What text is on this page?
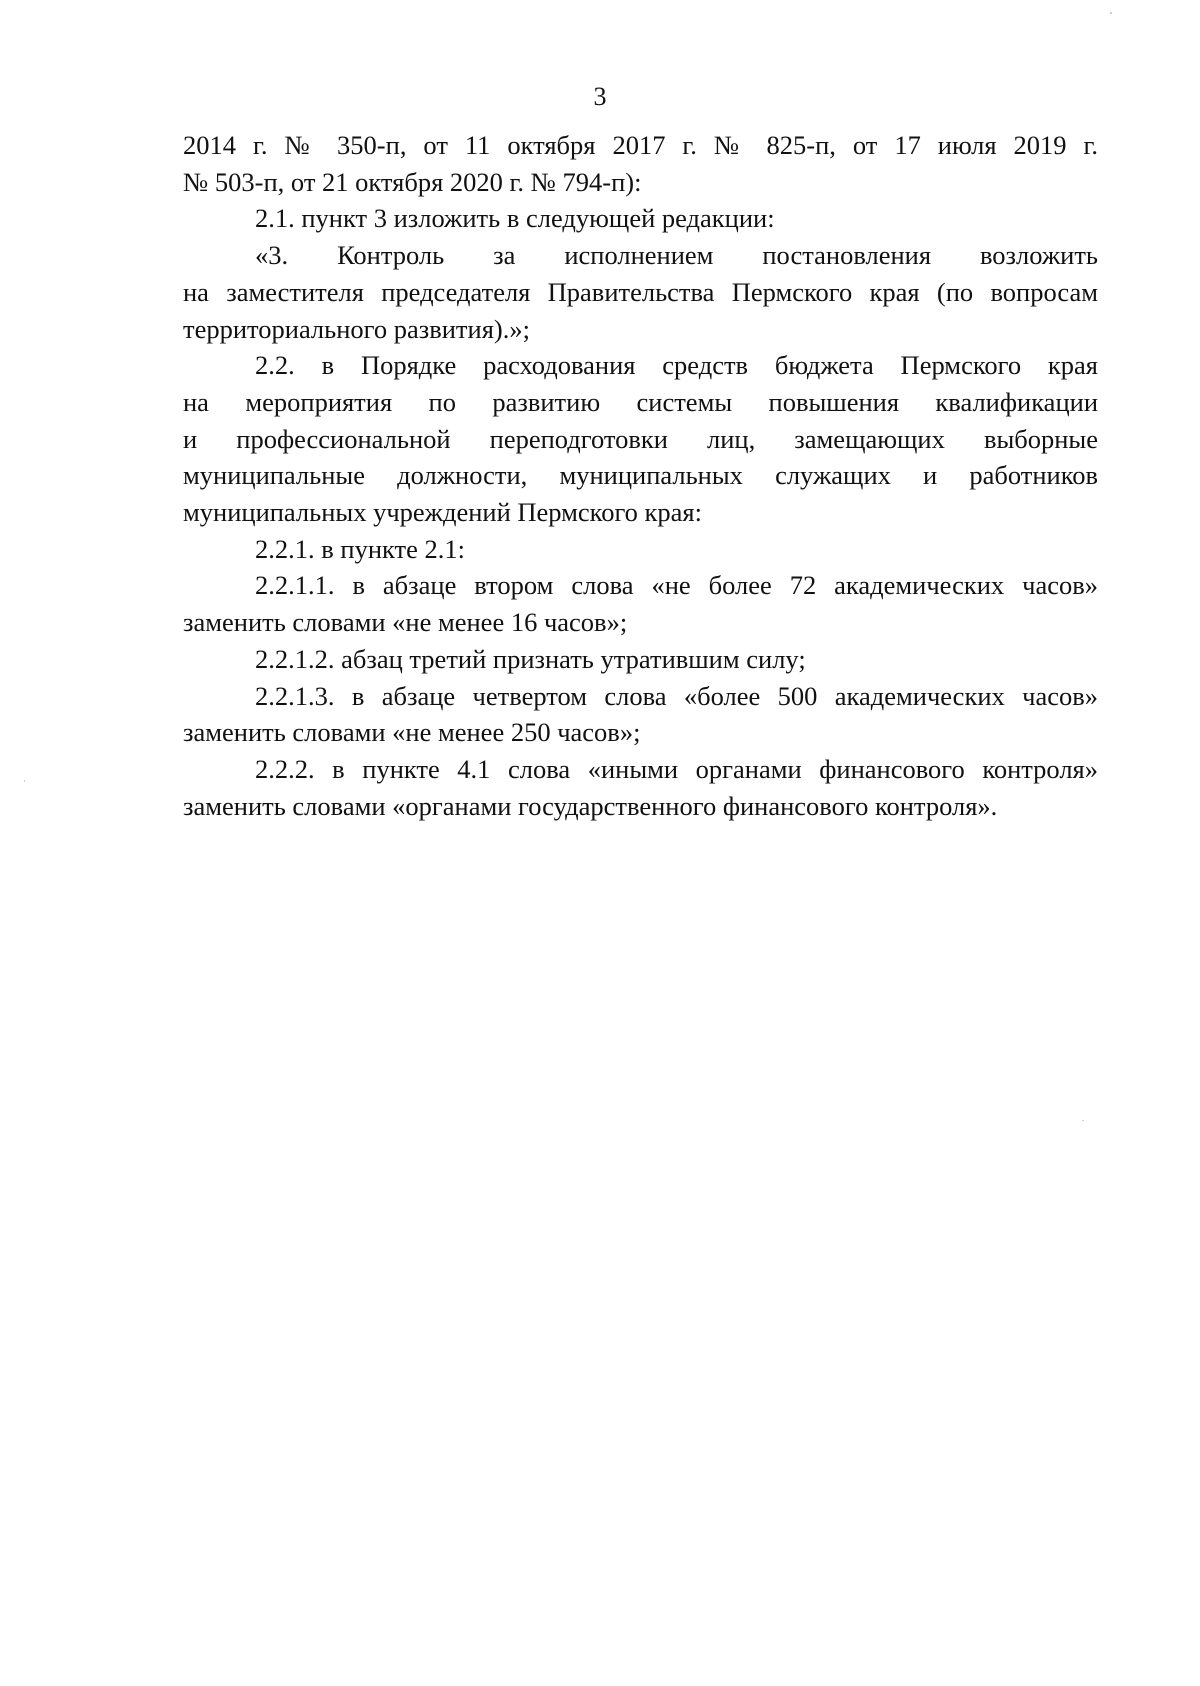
3

2014 г. № 350-п, от 11 октября 2017 г. № 825-п, от 17 июля 2019 г.
№ 503-п, от 21 октября 2020 г. № 794-п):

2.1. пункт 3 изложить в следующей редакции:

«3. Контроль за исполнением постановления возложить

на заместителя председателя Правительства Пермского края (по вопросам
территориального развития).»;

2.2. в Порядке расходования средств бюджета Пермского края

на мероприятия по развитию системы повышения квалификации
и профессиональной переподготовки лиц, замещающих выборные
муниципальные должности, муниципальных служащих и работников
муниципальных учреждений Пермского края:

2.2.1. в пункте 2.1:

2.2.1.1. в абзаце втором слова «не более 72 академических часов»

заменить словами «не менее 16 часов»;

2.2.1.2. абзац третий признать утратившим силу;

2.2.1.3. в абзаце четвертом слова «более 500 академических часов»

заменить словами «не менее 250 часов»;

2.2.2. в пункте 4.1 слова «иными органами финансового контроля»

заменить словами «органами государственного финансового контроля».
